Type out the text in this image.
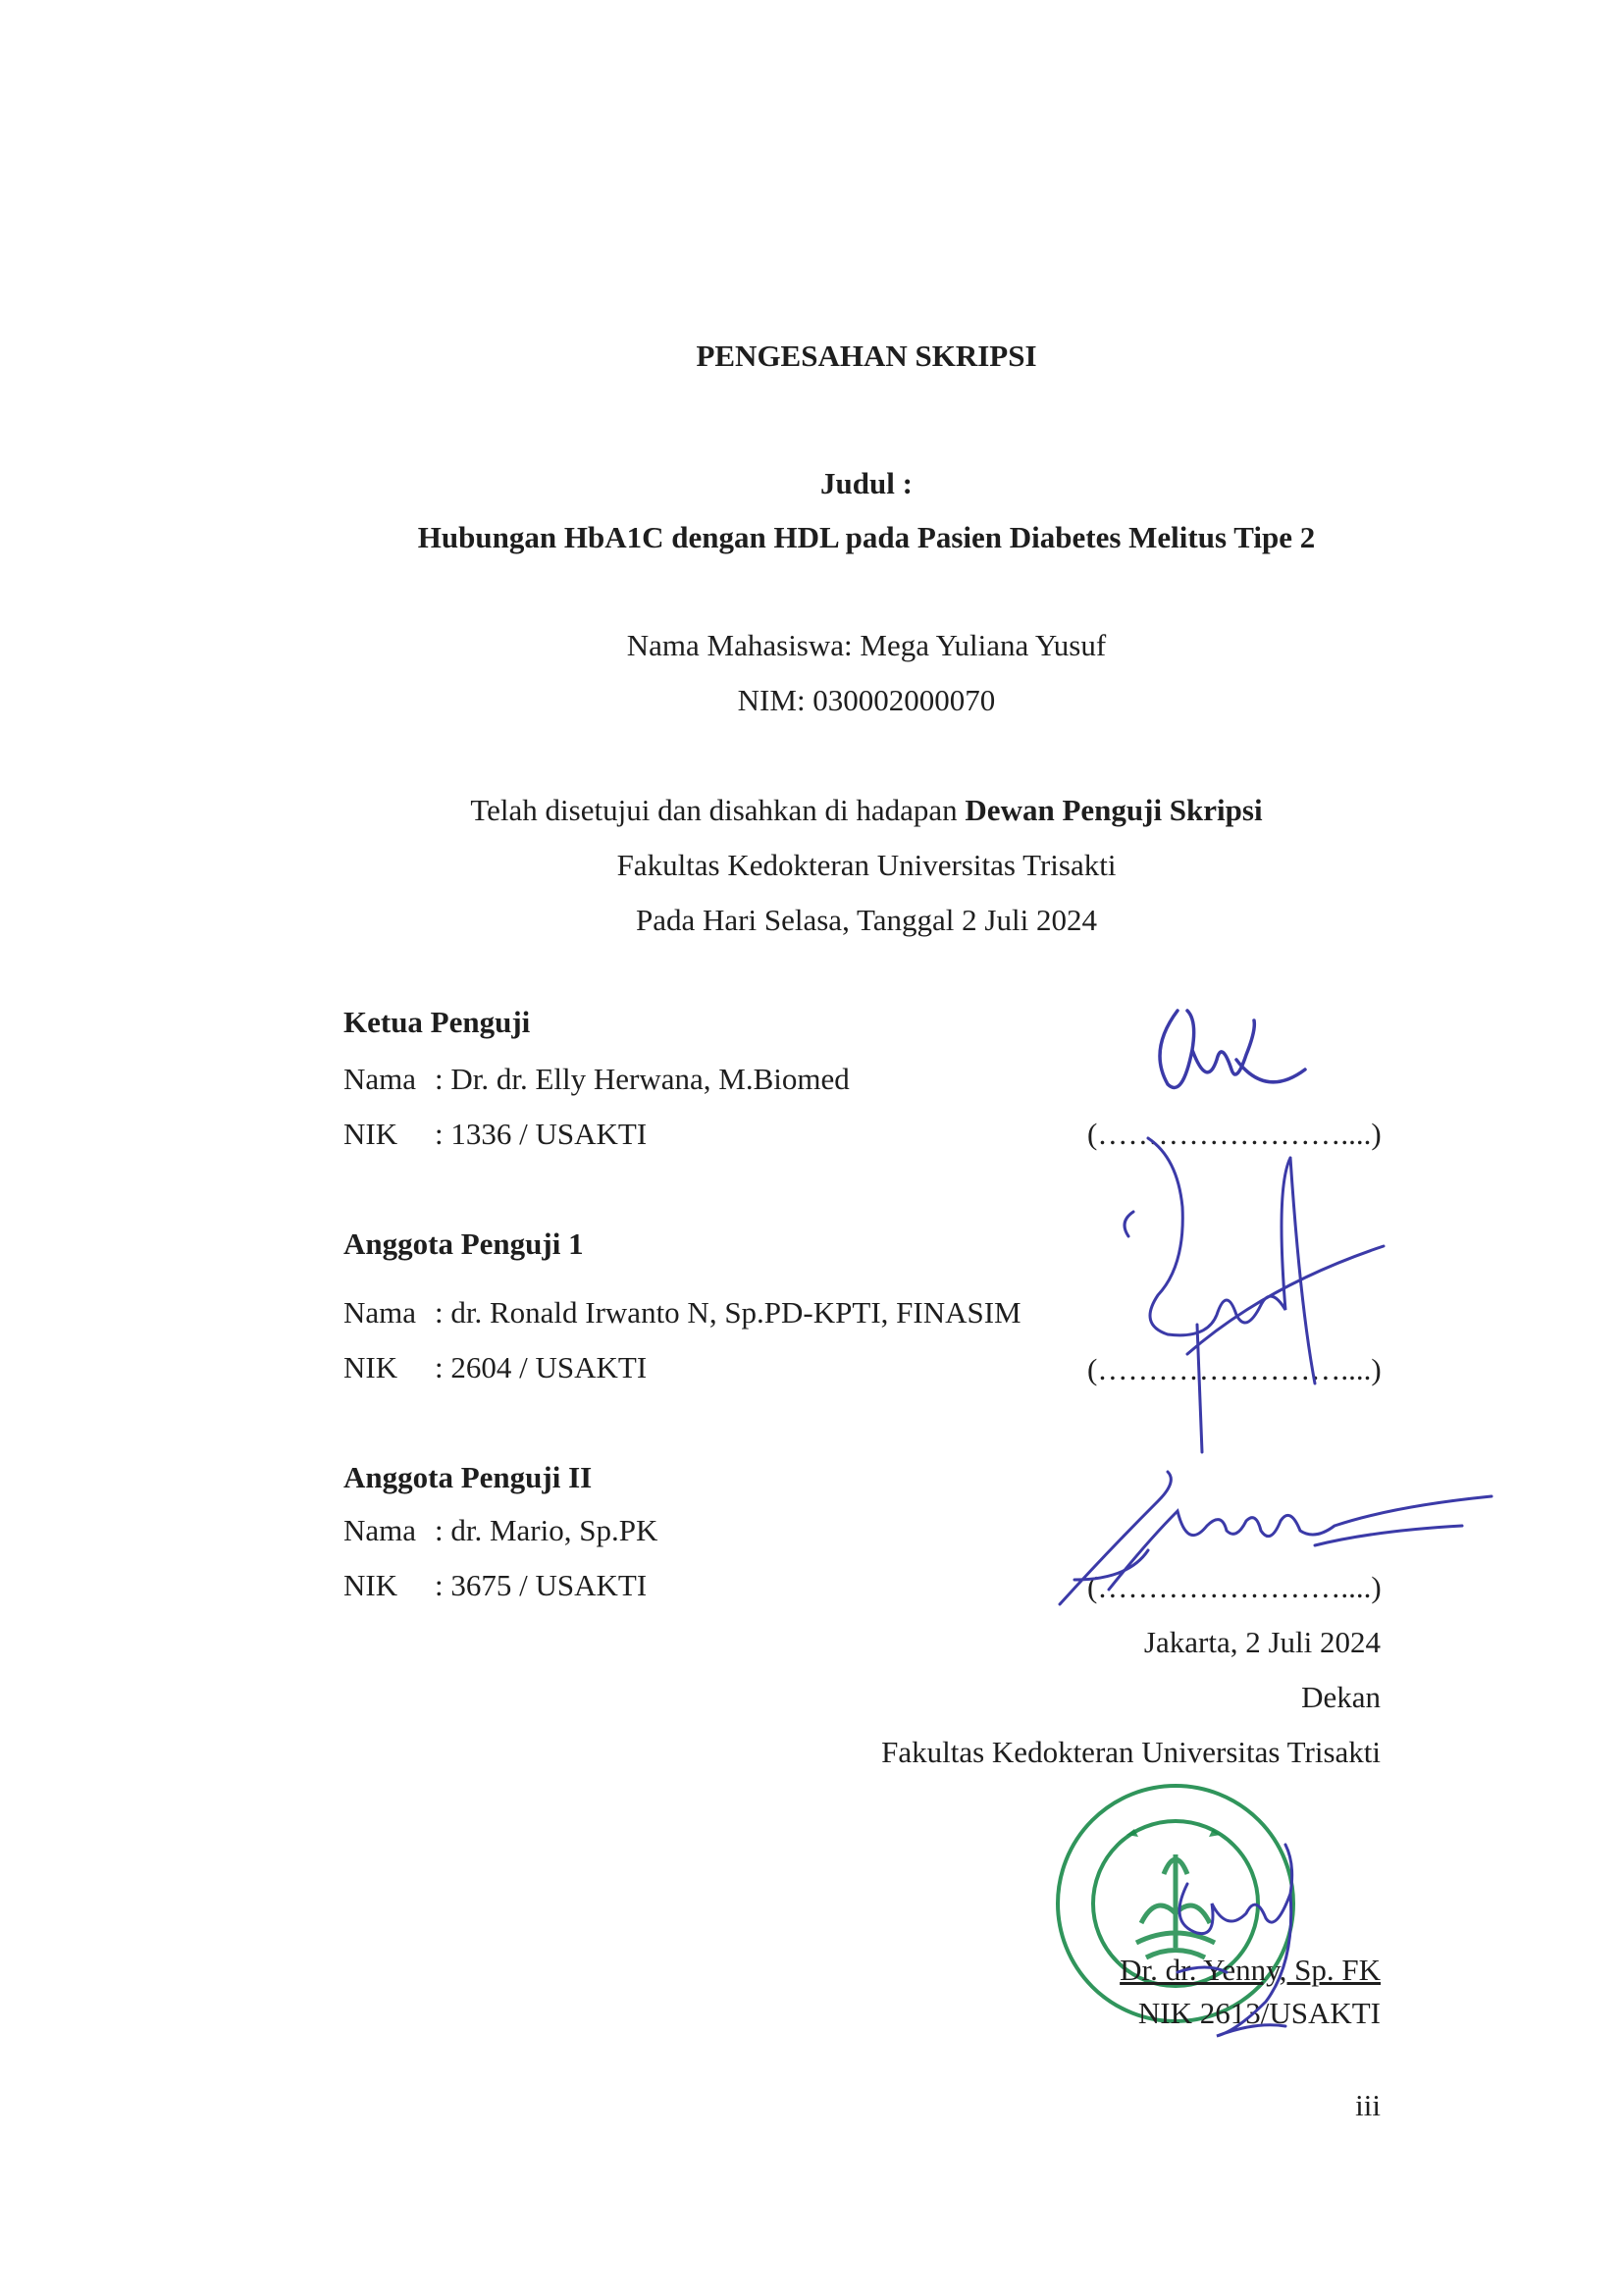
PENGESAHAN SKRIPSI
Judul :
Hubungan HbA1C dengan HDL pada Pasien Diabetes Melitus Tipe 2
Nama Mahasiswa: Mega Yuliana Yusuf
NIM: 030002000070
Telah disetujui dan disahkan di hadapan Dewan Penguji Skripsi
Fakultas Kedokteran Universitas Trisakti
Pada Hari Selasa, Tanggal 2 Juli 2024
Ketua Penguji
Nama : Dr. dr. Elly Herwana, M.Biomed
NIK : 1336 / USAKTI	(……………………....)
Anggota Penguji 1
Nama : dr. Ronald Irwanto N, Sp.PD-KPTI, FINASIM
NIK : 2604 / USAKTI	(……………………....)
Anggota Penguji II
Nama : dr. Mario, Sp.PK
NIK : 3675 / USAKTI	(……………………....)
Jakarta, 2 Juli 2024
Dekan
Fakultas Kedokteran Universitas Trisakti
Dr. dr. Yenny, Sp. FK
NIK 2613/USAKTI
iii
